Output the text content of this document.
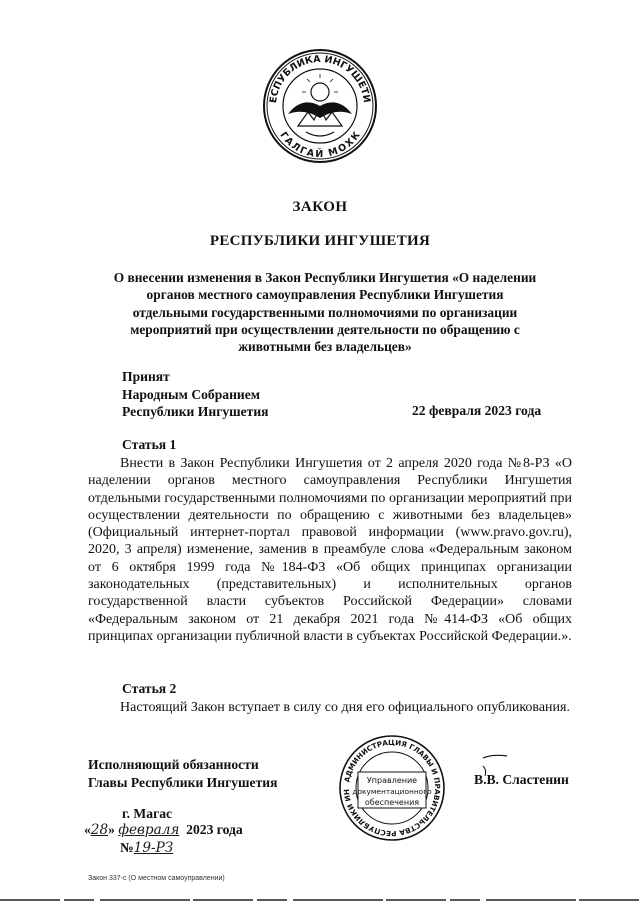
ЕСПУБЛИКА ИНГУШЕТИ
ГАЛГАЙ МОХК
ЗАКОН
РЕСПУБЛИКИ ИНГУШЕТИЯ
О внесении изменения в Закон Республики Ингушетия «О наделении
органов местного самоуправления Республики Ингушетия
отдельными государственными полномочиями по организации
мероприятий при осуществлении деятельности по обращению с
животными без владельцев»
Принят
Народным Собранием
Республики Ингушетия	22 февраля 2023 года
Статья 1
Внести в Закон Республики Ингушетия от 2 апреля 2020 года №8-РЗ «О наделении органов местного самоуправления Республики Ингушетия отдельными государственными полномочиями по организации мероприятий при осуществлении деятельности по обращению с животными без владельцев» (Официальный интернет-портал правовой информации (www.pravo.gov.ru), 2020, 3 апреля) изменение, заменив в преамбуле слова «Федеральным законом от 6 октября 1999 года №184-ФЗ «Об общих принципах организации законодательных (представительных) и исполнительных органов государственной власти субъектов Российской Федерации» словами «Федеральным законом от 21 декабря 2021 года №414-ФЗ «Об общих принципах организации публичной власти в субъектах Российской Федерации.».
Статья 2
Настоящий Закон вступает в силу со дня его официального опубликования.
Исполняющий обязанности
Главы Республики Ингушетия	АДМИНИСТРАЦИЯ ГЛАВЫ И ПРАВИТЕЛЬСТВА РЕСПУБЛИКИ ИН
Управление
документационного
обеспечения
В.В. Сластенин
г. Магас
«28» февраля 2023 года
№19-РЗ
Закон 337-с (О местном самоуправлении)
